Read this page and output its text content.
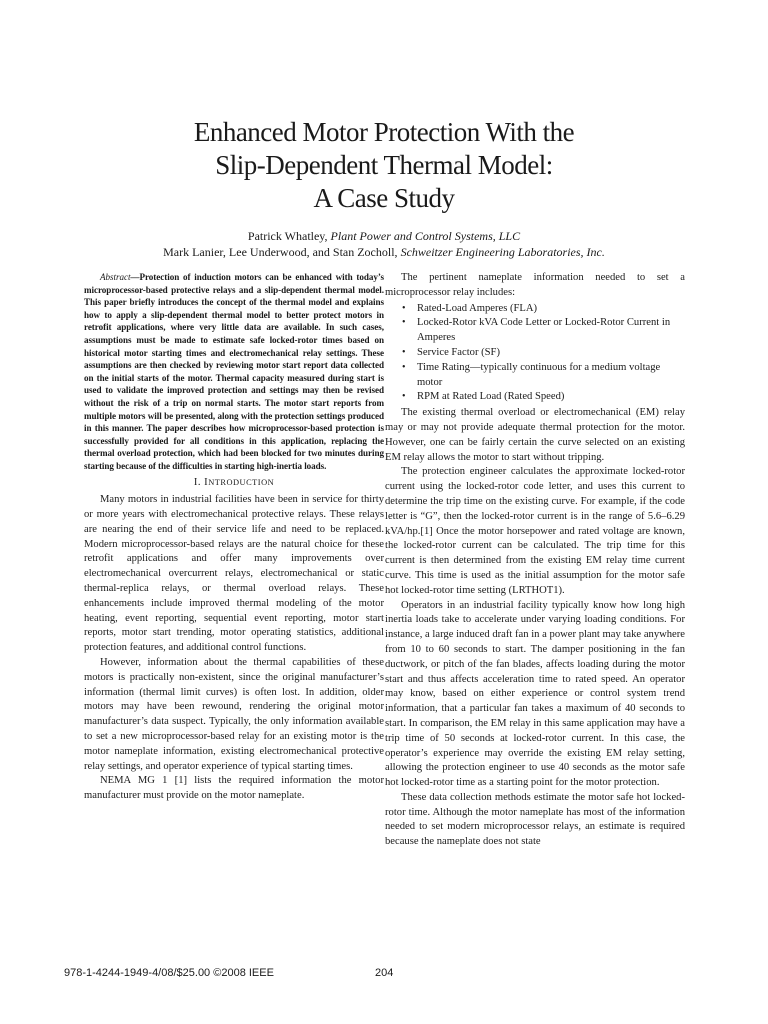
Enhanced Motor Protection With the
Slip-Dependent Thermal Model:
A Case Study
Patrick Whatley, Plant Power and Control Systems, LLC
Mark Lanier, Lee Underwood, and Stan Zocholl, Schweitzer Engineering Laboratories, Inc.

Abstract—Protection of induction motors can be enhanced with today’s microprocessor-based protective relays and a slip-dependent thermal model. This paper briefly introduces the concept of the thermal model and explains how to apply a slip-dependent thermal model to better protect motors in retrofit applications, where very little data are available. In such cases, assumptions must be made to estimate safe locked-rotor times based on historical motor starting times and electromechanical relay settings. These assumptions are then checked by reviewing motor start report data collected on the initial starts of the motor. Thermal capacity measured during start is used to validate the improved protection and settings may then be revised without the risk of a trip on normal starts. The motor start reports from multiple motors will be presented, along with the protection settings produced in this manner. The paper describes how microprocessor-based protection is successfully provided for all conditions in this application, replacing the thermal overload protection, which had been blocked for two minutes during starting because of the difficulties in starting high-inertia loads.

I. INTRODUCTION

Many motors in industrial facilities have been in service for thirty or more years with electromechanical protective relays. These relays are nearing the end of their service life and need to be replaced. Modern microprocessor-based relays are the natural choice for these retrofit applications and offer many improvements over electromechanical overcurrent relays, electromechanical or static thermal-replica relays, or thermal overload relays. These enhancements include improved thermal modeling of the motor heating, event reporting, sequential event reporting, motor start reports, motor start trending, motor operating statistics, additional protection features, and additional control functions.

However, information about the thermal capabilities of these motors is practically non-existent, since the original manufacturer’s information (thermal limit curves) is often lost. In addition, older motors may have been rewound, rendering the original motor manufacturer’s data suspect. Typically, the only information available to set a new microprocessor-based relay for an existing motor is the motor nameplate information, existing electromechanical protective relay settings, and operator experience of typical starting times.

NEMA MG 1 [1] lists the required information the motor manufacturer must provide on the motor nameplate.

The pertinent nameplate information needed to set a microprocessor relay includes:

• Rated-Load Amperes (FLA)
• Locked-Rotor kVA Code Letter or Locked-Rotor Current in Amperes
• Service Factor (SF)
• Time Rating—typically continuous for a medium voltage motor
• RPM at Rated Load (Rated Speed)

The existing thermal overload or electromechanical (EM) relay may or may not provide adequate thermal protection for the motor. However, one can be fairly certain the curve selected on an existing EM relay allows the motor to start without tripping.

The protection engineer calculates the approximate locked-rotor current using the locked-rotor code letter, and uses this current to determine the trip time on the existing curve. For example, if the code letter is “G”, then the locked-rotor current is in the range of 5.6–6.29 kVA/hp.[1] Once the motor horsepower and rated voltage are known, the locked-rotor current can be calculated. The trip time for this current is then determined from the existing EM relay time current curve. This time is used as the initial assumption for the motor safe hot locked-rotor time setting (LRTHOT1).

Operators in an industrial facility typically know how long high inertia loads take to accelerate under varying loading conditions. For instance, a large induced draft fan in a power plant may take anywhere from 10 to 60 seconds to start. The damper positioning in the fan ductwork, or pitch of the fan blades, affects loading during the motor start and thus affects acceleration time to rated speed. An operator may know, based on either experience or control system trend information, that a particular fan takes a maximum of 40 seconds to start. In comparison, the EM relay in this same application may have a trip time of 50 seconds at locked-rotor current. In this case, the operator’s experience may override the existing EM relay setting, allowing the protection engineer to use 40 seconds as the motor safe hot locked-rotor time as a starting point for the motor protection.

These data collection methods estimate the motor safe hot locked-rotor time. Although the motor nameplate has most of the information needed to set modern microprocessor relays, an estimate is required because the nameplate does not state

978-1-4244-1949-4/08/$25.00 ©2008 IEEE	204
